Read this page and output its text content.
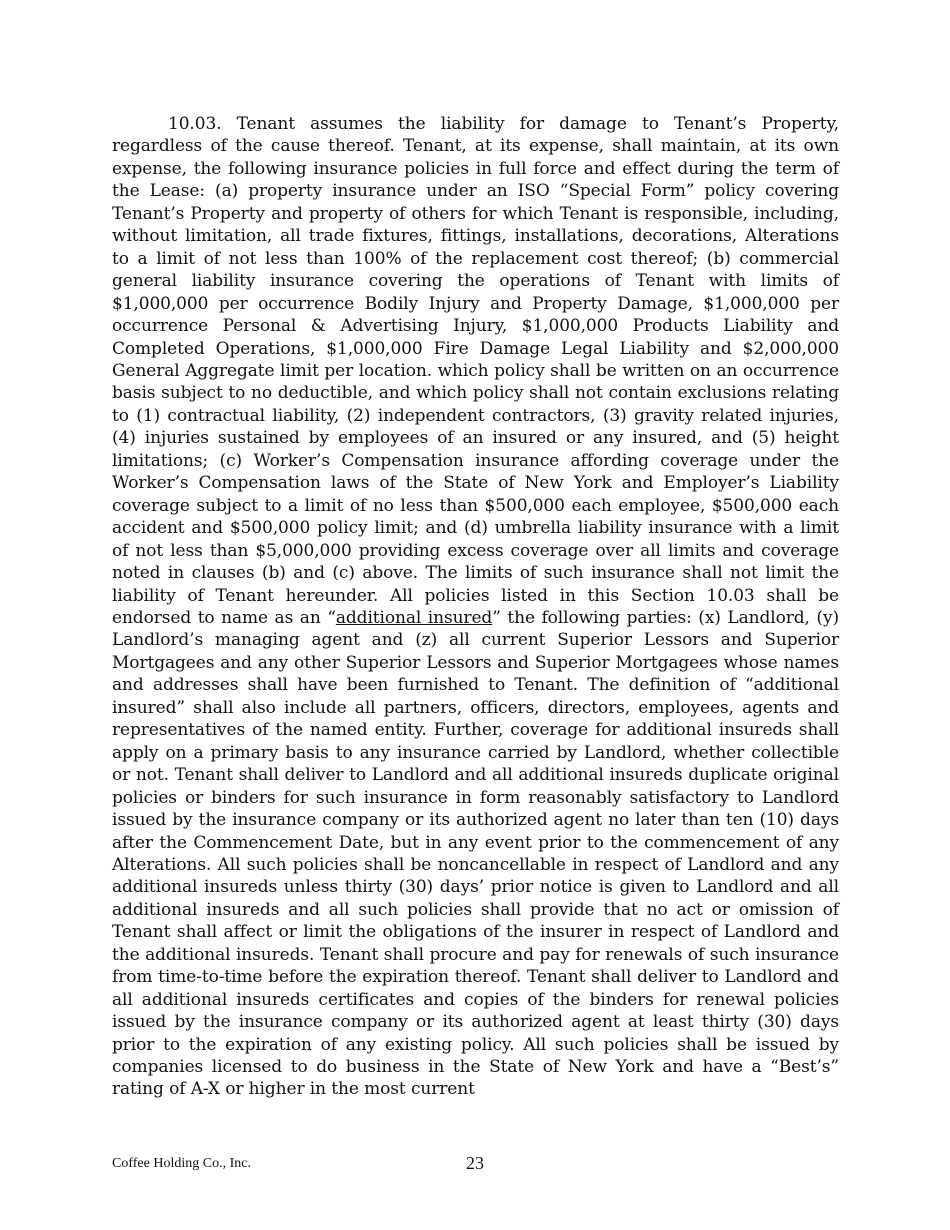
10.03. Tenant assumes the liability for damage to Tenant’s Property, regardless of the cause thereof. Tenant, at its expense, shall maintain, at its own expense, the following insurance policies in full force and effect during the term of the Lease: (a) property insurance under an ISO “Special Form” policy covering Tenant’s Property and property of others for which Tenant is responsible, including, without limitation, all trade fixtures, fittings, installations, decorations, Alterations to a limit of not less than 100% of the replacement cost thereof; (b) commercial general liability insurance covering the operations of Tenant with limits of $1,000,000 per occurrence Bodily Injury and Property Damage, $1,000,000 per occurrence Personal & Advertising Injury, $1,000,000 Products Liability and Completed Operations, $1,000,000 Fire Damage Legal Liability and $2,000,000 General Aggregate limit per location. which policy shall be written on an occurrence basis subject to no deductible, and which policy shall not contain exclusions relating to (1) contractual liability, (2) independent contractors, (3) gravity related injuries, (4) injuries sustained by employees of an insured or any insured, and (5) height limitations; (c) Worker’s Compensation insurance affording coverage under the Worker’s Compensation laws of the State of New York and Employer’s Liability coverage subject to a limit of no less than $500,000 each employee, $500,000 each accident and $500,000 policy limit; and (d) umbrella liability insurance with a limit of not less than $5,000,000 providing excess coverage over all limits and coverage noted in clauses (b) and (c) above. The limits of such insurance shall not limit the liability of Tenant hereunder. All policies listed in this Section 10.03 shall be endorsed to name as an “additional insured” the following parties: (x) Landlord, (y) Landlord’s managing agent and (z) all current Superior Lessors and Superior Mortgagees and any other Superior Lessors and Superior Mortgagees whose names and addresses shall have been furnished to Tenant. The definition of “additional insured” shall also include all partners, officers, directors, employees, agents and representatives of the named entity. Further, coverage for additional insureds shall apply on a primary basis to any insurance carried by Landlord, whether collectible or not. Tenant shall deliver to Landlord and all additional insureds duplicate original policies or binders for such insurance in form reasonably satisfactory to Landlord issued by the insurance company or its authorized agent no later than ten (10) days after the Commencement Date, but in any event prior to the commencement of any Alterations. All such policies shall be noncancellable in respect of Landlord and any additional insureds unless thirty (30) days’ prior notice is given to Landlord and all additional insureds and all such policies shall provide that no act or omission of Tenant shall affect or limit the obligations of the insurer in respect of Landlord and the additional insureds. Tenant shall procure and pay for renewals of such insurance from time-to-time before the expiration thereof. Tenant shall deliver to Landlord and all additional insureds certificates and copies of the binders for renewal policies issued by the insurance company or its authorized agent at least thirty (30) days prior to the expiration of any existing policy. All such policies shall be issued by companies licensed to do business in the State of New York and have a “Best’s” rating of A-X or higher in the most current

Coffee Holding Co., Inc.	23
